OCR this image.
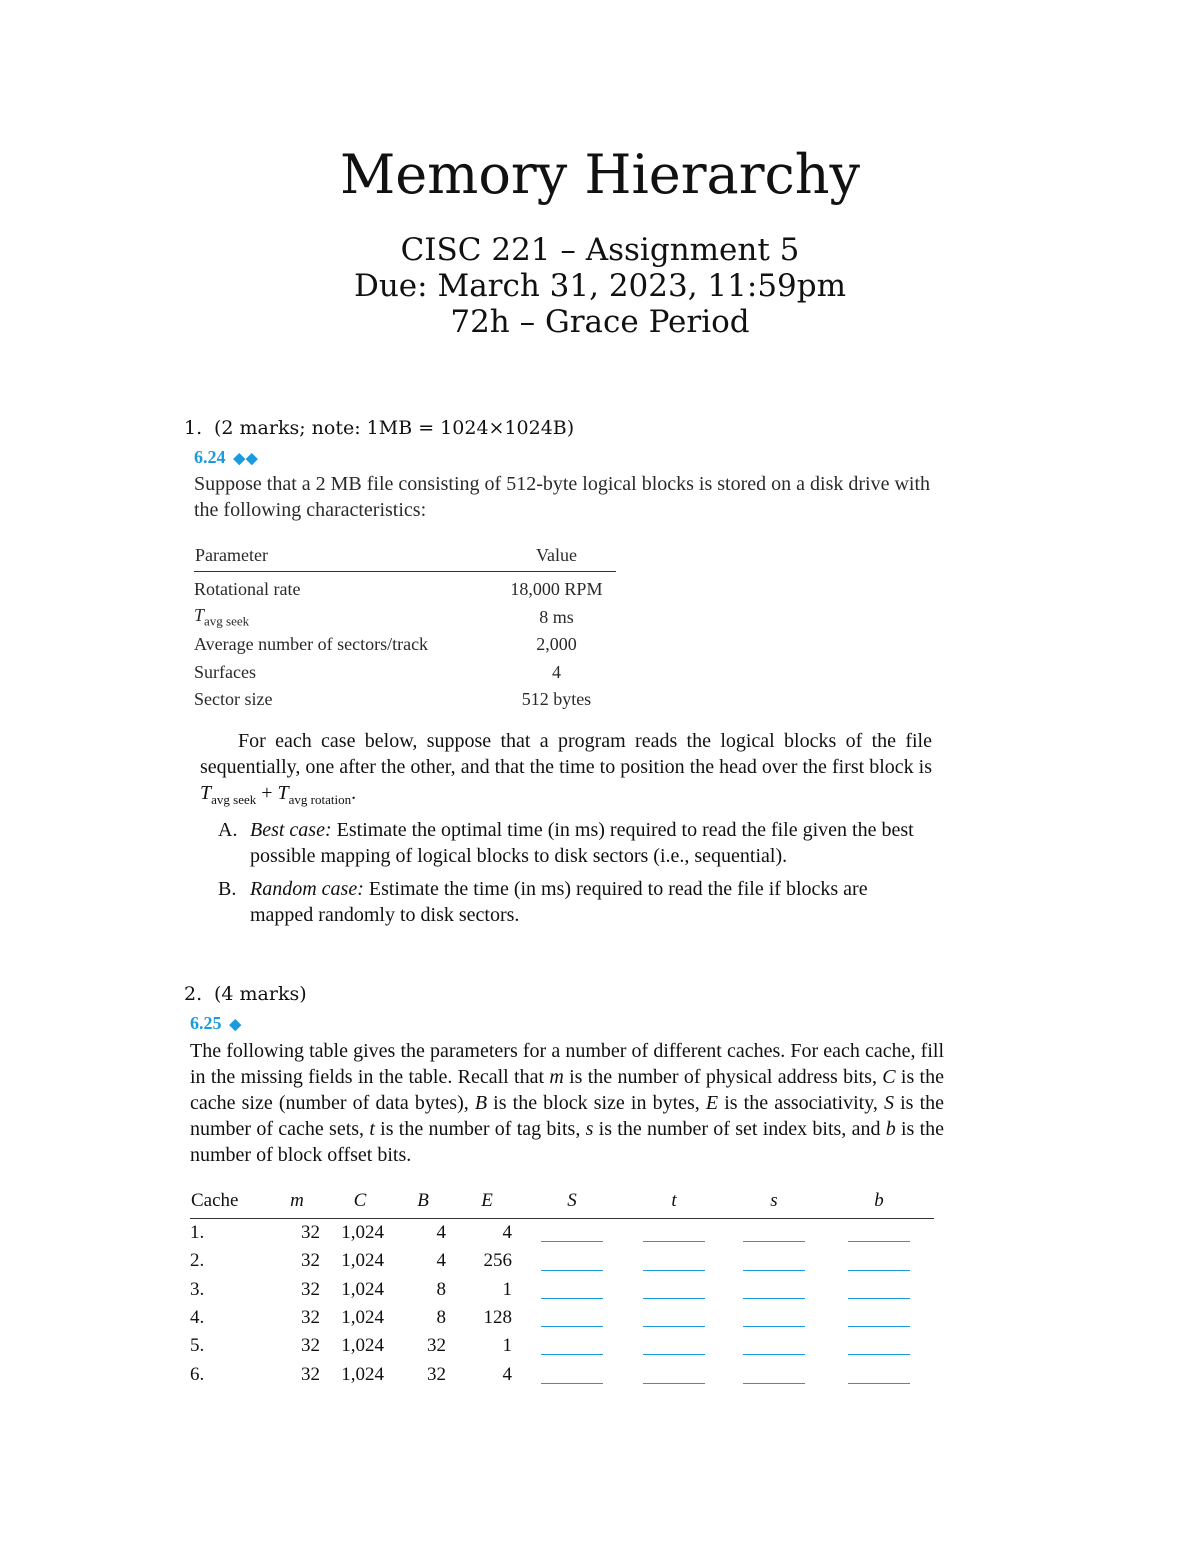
Memory Hierarchy
CISC 221 – Assignment 5
Due: March 31, 2023, 11:59pm
72h – Grace Period
1. (2 marks; note: 1MB = 1024×1024B)
6.24 ◆◆
Suppose that a 2 MB file consisting of 512-byte logical blocks is stored on a disk drive with the following characteristics:
Parameter	Value
Rotational rate	18,000 RPM
$T_{avg seek}$	8 ms
Average number of sectors/track	2,000
Surfaces	4
Sector size	512 bytes
For each case below, suppose that a program reads the logical blocks of the file sequentially, one after the other, and that the time to position the head over the first block is $T_{avg seek} + T_{avg rotation}$.
A. Best case: Estimate the optimal time (in ms) required to read the file given the best possible mapping of logical blocks to disk sectors (i.e., sequential).
B. Random case: Estimate the time (in ms) required to read the file if blocks are mapped randomly to disk sectors.
2. (4 marks)
6.25 ◆
The following table gives the parameters for a number of different caches. For each cache, fill in the missing fields in the table. Recall that m is the number of physical address bits, C is the cache size (number of data bytes), B is the block size in bytes, E is the associativity, S is the number of cache sets, t is the number of tag bits, s is the number of set index bits, and b is the number of block offset bits.
Cache	m	C	B	E	S	t	s	b
1.	32	1,024	4	4				
2.	32	1,024	4	256				
3.	32	1,024	8	1				
4.	32	1,024	8	128				
5.	32	1,024	32	1				
6.	32	1,024	32	4				
